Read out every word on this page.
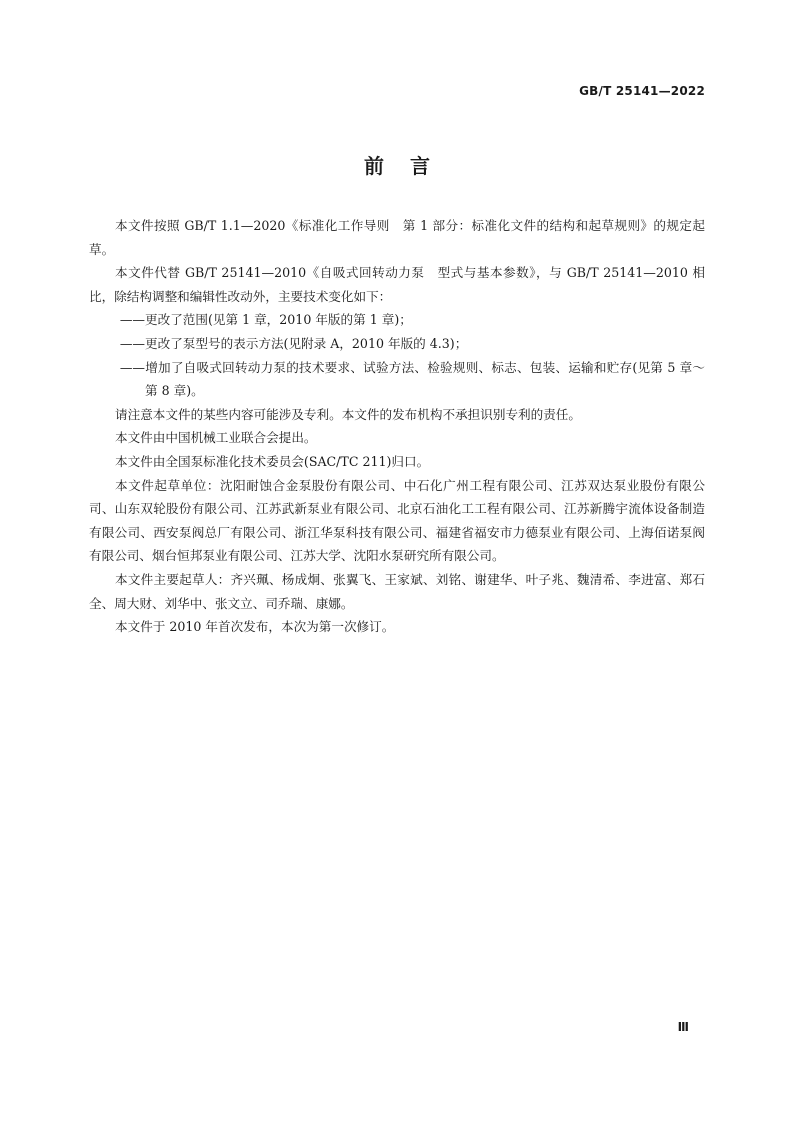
GB/T 25141—2022
前言

本文件按照 GB/T 1.1—2020《标准化工作导则　第 1 部分：标准化文件的结构和起草规则》的规定起草。

本文件代替 GB/T 25141—2010《自吸式回转动力泵　型式与基本参数》，与 GB/T 25141—2010 相比，除结构调整和编辑性改动外，主要技术变化如下：

——更改了范围(见第 1 章，2010 年版的第 1 章)；

——更改了泵型号的表示方法(见附录 A，2010 年版的 4.3)；

——增加了自吸式回转动力泵的技术要求、试验方法、检验规则、标志、包装、运输和贮存(见第 5 章～第 8 章)。

请注意本文件的某些内容可能涉及专利。本文件的发布机构不承担识别专利的责任。

本文件由中国机械工业联合会提出。

本文件由全国泵标准化技术委员会(SAC/TC 211)归口。

本文件起草单位：沈阳耐蚀合金泵股份有限公司、中石化广州工程有限公司、江苏双达泵业股份有限公司、山东双轮股份有限公司、江苏武新泵业有限公司、北京石油化工工程有限公司、江苏新腾宇流体设备制造有限公司、西安泵阀总厂有限公司、浙江华泵科技有限公司、福建省福安市力德泵业有限公司、上海佰诺泵阀有限公司、烟台恒邦泵业有限公司、江苏大学、沈阳水泵研究所有限公司。

本文件主要起草人：齐兴珮、杨成炯、张翼飞、王家斌、刘铭、谢建华、叶子兆、魏清希、李进富、郑石全、周大财、刘华中、张文立、司乔瑞、康娜。

本文件于 2010 年首次发布，本次为第一次修订。

Ⅲ
